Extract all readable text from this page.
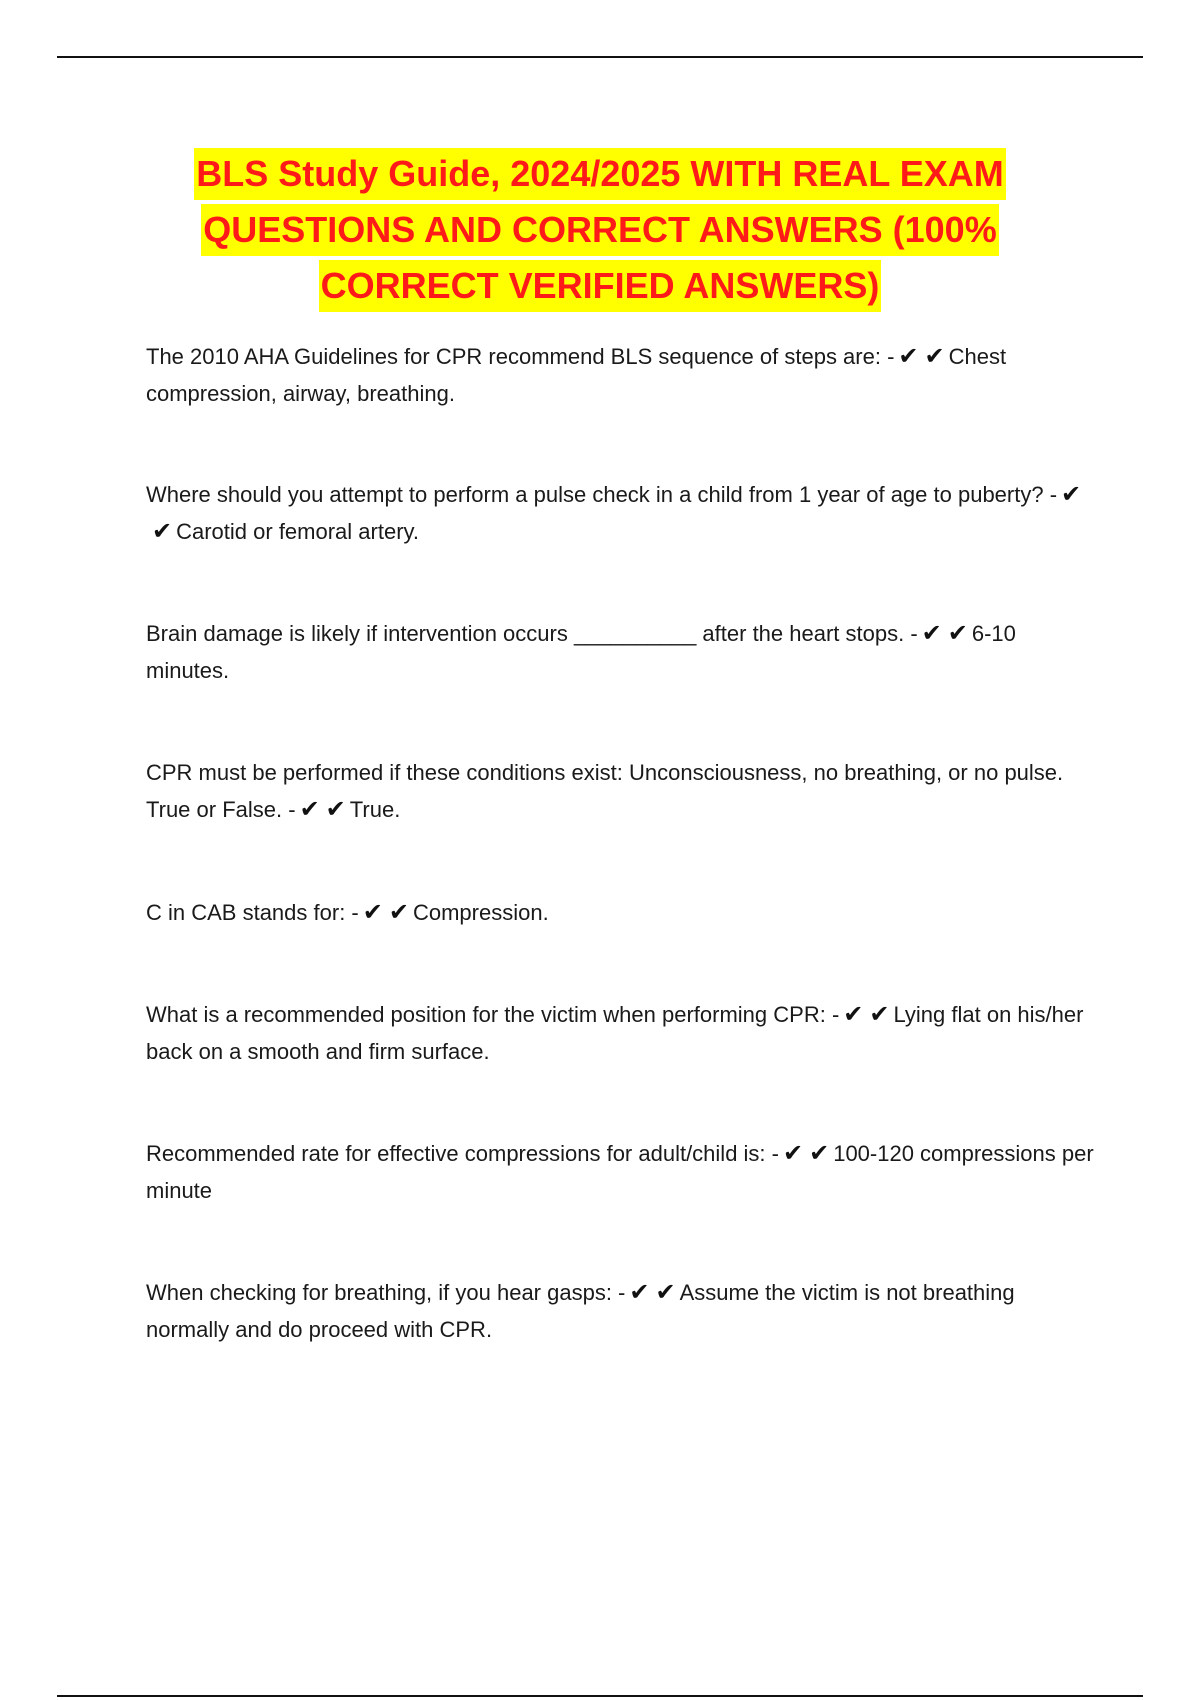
BLS Study Guide, 2024/2025 WITH REAL EXAM
QUESTIONS AND CORRECT ANSWERS (100%
CORRECT VERIFIED ANSWERS)
The 2010 AHA Guidelines for CPR recommend BLS sequence of steps are: - ✔ ✔ Chest compression, airway, breathing.
Where should you attempt to perform a pulse check in a child from 1 year of age to puberty? - ✔✔ Carotid or femoral artery.
Brain damage is likely if intervention occurs __________ after the heart stops. - ✔ ✔ 6-10 minutes.
CPR must be performed if these conditions exist: Unconsciousness, no breathing, or no pulse. True or False. - ✔ ✔ True.
C in CAB stands for: - ✔ ✔ Compression.
What is a recommended position for the victim when performing CPR: - ✔ ✔ Lying flat on his/her back on a smooth and firm surface.
Recommended rate for effective compressions for adult/child is: - ✔ ✔ 100-120 compressions per minute
When checking for breathing, if you hear gasps: - ✔ ✔ Assume the victim is not breathing normally and do proceed with CPR.
